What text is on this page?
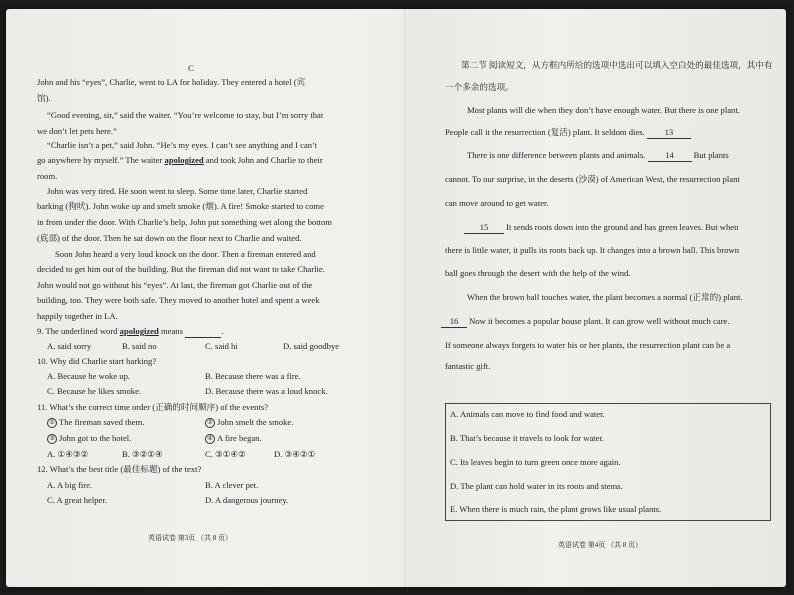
C
John and his “eyes”, Charlie, went to LA for holiday. They entered a hotel (宾
馆).
“Good evening, sir,” said the waiter. “You’re welcome to stay, but I’m sorry that
we don’t let pets here.”
“Charlie isn’t a pet,” said John. “He’s my eyes. I can’t see anything and I can’t
go anywhere by myself.” The waiter apologized and took John and Charlie to their
room.
John was very tired. He soon went to sleep. Some time later, Charlie started
barking (狗吠). John woke up and smelt smoke (烟). A fire! Smoke started to come
in from under the door. With Charlie’s help, John put something wet along the bottom
(底部) of the door. Then he sat down on the floor next to Charlie and waited.
Soon John heard a very loud knock on the door. Then a fireman entered and
decided to get him out of the building. But the fireman did not want to take Charlie.
John would not go without his “eyes”. At last, the fireman got Charlie out of the
building, too. They were both safe. They moved to another hotel and spent a week
happily together in LA.
9. The underlined word apologized means	.
A. said sorry	B. said no	C. said hi	D. said goodbye
10. Why did Charlie start barking?
A. Because he woke up.	B. Because there was a fire.
C. Because he likes smoke.	D. Because there was a loud knock.
11. What’s the correct time order (正确的时间顺序) of the events?
① The fireman saved them.	② John smelt the smoke.
③ John got to the hotel.	④ A fire began.
A. ①④③②	B. ③②①④	C. ③①④②	D. ③④②①
12. What’s the best title (最佳标题) of the text?
A. A big fire.	B. A clever pet.
C. A great helper.	D. A dangerous journey.
英语试卷 第3页 （共 8 页）
第二节 阅读短文，从方框内所给的选项中选出可以填入空白处的最佳选项，其中有
一个多余的选项。
Most plants will die when they don’t have enough water. But there is one plant.
People call it the resurrection (复活) plant. It seldom dies. 13
There is one difference between plants and animals. 14 But plants
cannot. To our surprise, in the deserts (沙漠) of American West, the resurrection plant
can move around to get water.
15 It sends roots down into the ground and has green leaves. But when
there is little water, it pulls its roots back up. It changes into a brown ball. This brown
ball goes through the desert with the help of the wind.
When the brown ball touches water, the plant becomes a normal (正常的) plant.
16 Now it becomes a popular house plant. It can grow well without much care.
If someone always forgets to water his or her plants, the resurrection plant can be a
fantastic gift.
A. Animals can move to find food and water.
B. That’s because it travels to look for water.
C. Its leaves begin to turn green once more again.
D. The plant can hold water in its roots and stems.
E. When there is much rain, the plant grows like usual plants.
英语试卷 第4页 （共 8 页）
